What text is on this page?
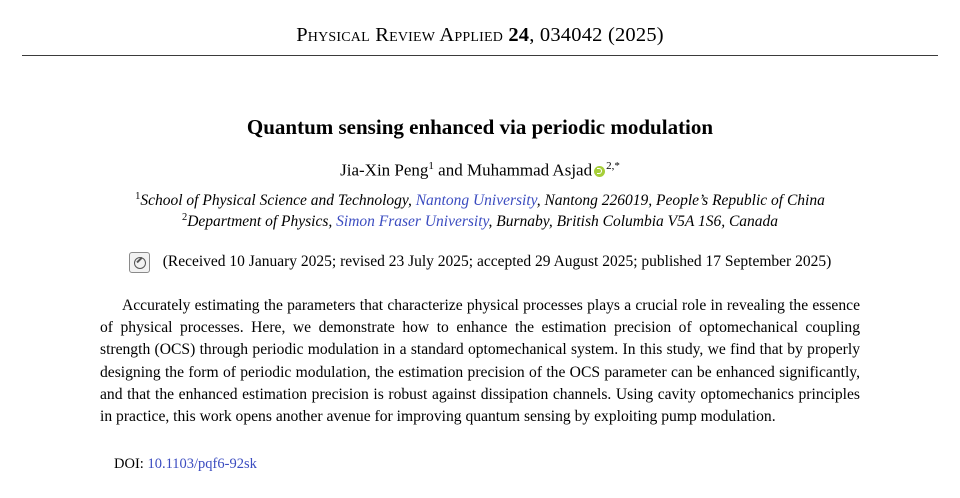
Physical Review Applied 24, 034042 (2025)
Quantum sensing enhanced via periodic modulation
Jia-Xin Peng$^1$ and Muhammad Asjad $^{2,*}$
$^1$School of Physical Science and Technology, Nantong University, Nantong 226019, People’s Republic of China
$^2$Department of Physics, Simon Fraser University, Burnaby, British Columbia V5A 1S6, Canada
(Received 10 January 2025; revised 23 July 2025; accepted 29 August 2025; published 17 September 2025)
Accurately estimating the parameters that characterize physical processes plays a crucial role in revealing the essence of physical processes. Here, we demonstrate how to enhance the estimation precision of optomechanical coupling strength (OCS) through periodic modulation in a standard optomechanical system. In this study, we find that by properly designing the form of periodic modulation, the estimation precision of the OCS parameter can be enhanced significantly, and that the enhanced estimation precision is robust against dissipation channels. Using cavity optomechanics principles in practice, this work opens another avenue for improving quantum sensing by exploiting pump modulation.
DOI: 10.1103/pqf6-92sk
